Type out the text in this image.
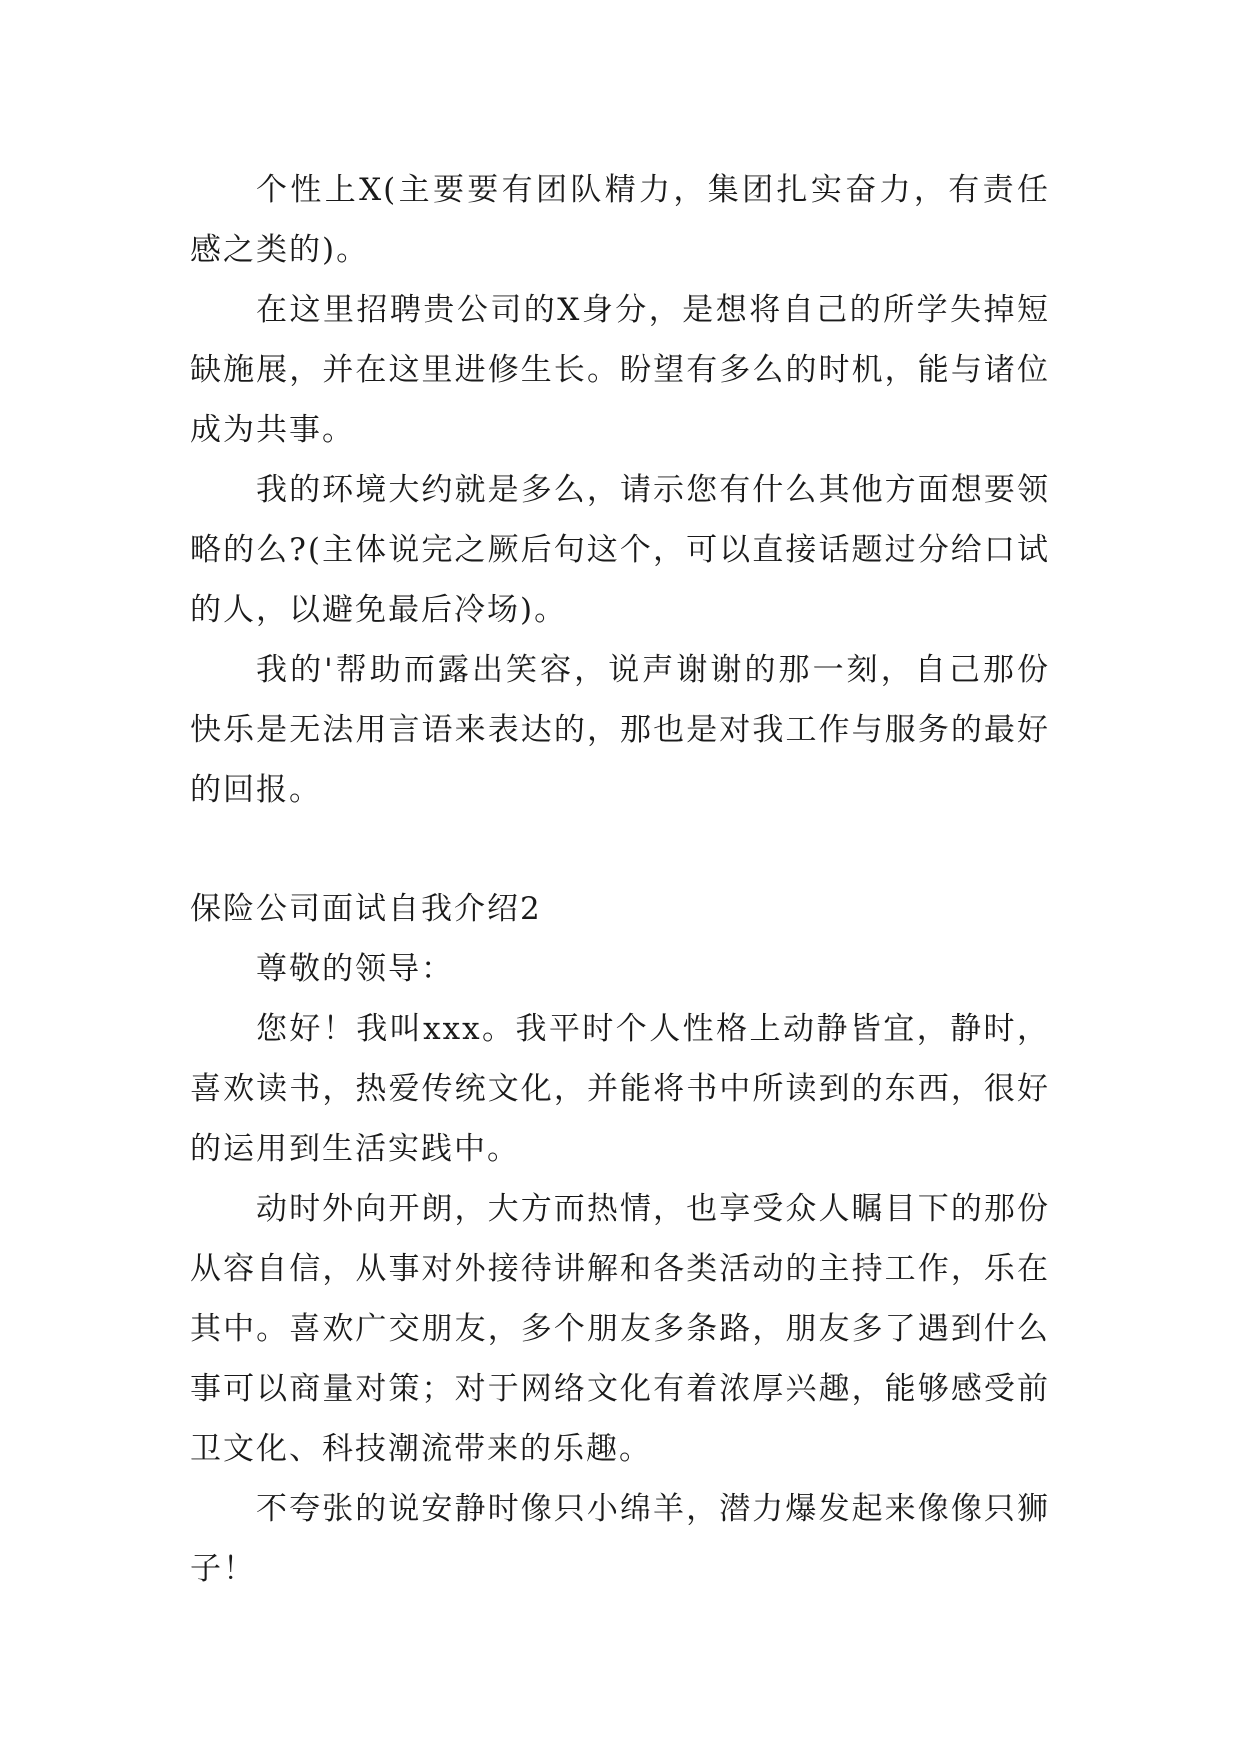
个性上X(主要要有团队精力，集团扎实奋力，有责任感之类的)。

在这里招聘贵公司的X身分，是想将自己的所学失掉短缺施展，并在这里进修生长。盼望有多么的时机，能与诸位成为共事。

我的环境大约就是多么，请示您有什么其他方面想要领略的么?(主体说完之厥后句这个，可以直接话题过分给口试的人，以避免最后冷场)。

我的'帮助而露出笑容，说声谢谢的那一刻，自己那份快乐是无法用言语来表达的，那也是对我工作与服务的最好的回报。

保险公司面试自我介绍2

尊敬的领导：

您好！我叫xxx。我平时个人性格上动静皆宜，静时，喜欢读书，热爱传统文化，并能将书中所读到的东西，很好的运用到生活实践中。

动时外向开朗，大方而热情，也享受众人瞩目下的那份从容自信，从事对外接待讲解和各类活动的主持工作，乐在其中。喜欢广交朋友，多个朋友多条路，朋友多了遇到什么事可以商量对策；对于网络文化有着浓厚兴趣，能够感受前卫文化、科技潮流带来的乐趣。

不夸张的说安静时像只小绵羊，潜力爆发起来像像只狮子！
